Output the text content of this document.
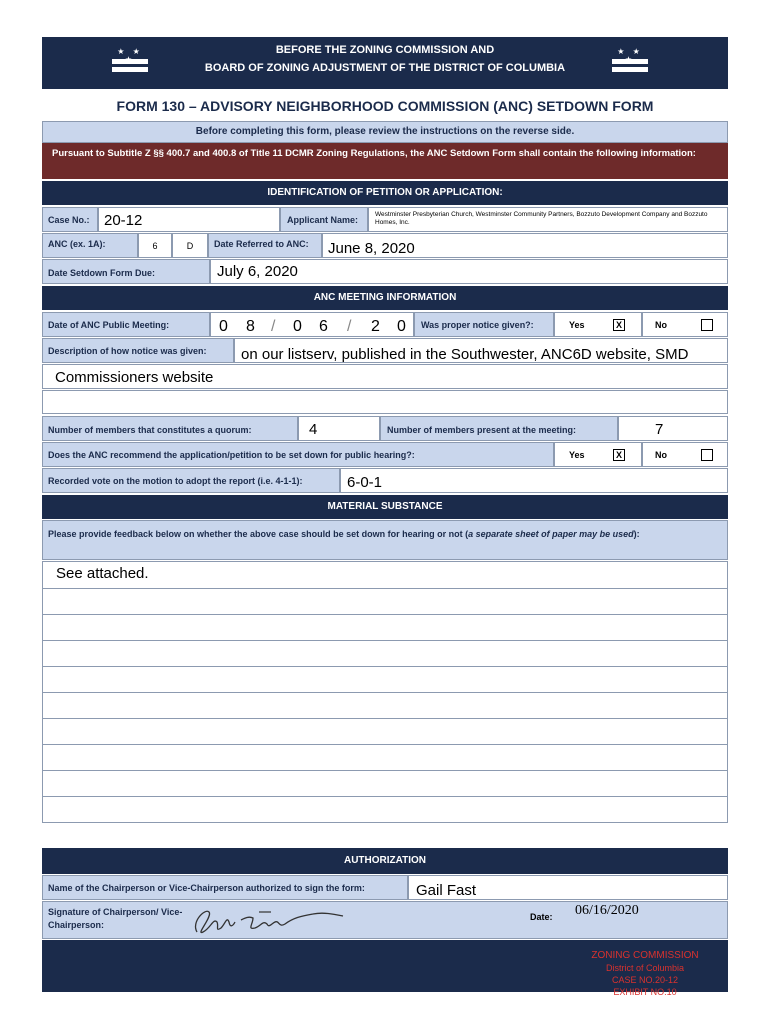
★ ★	BEFORE THE ZONING COMMISSION AND
BOARD OF ZONING ADJUSTMENT OF THE DISTRICT OF COLUMBIA
★ ★
FORM 130 – ADVISORY NEIGHBORHOOD COMMISSION (ANC) SETDOWN FORM
Before completing this form, please review the instructions on the reverse side.
Pursuant to Subtitle Z §§ 400.7 and 400.8 of Title 11 DCMR Zoning Regulations, the ANC Setdown Form shall contain the following information:
IDENTIFICATION OF PETITION OR APPLICATION:
Case No.: 20-12	Applicant Name:
Westminster Presbyterian Church, Westminster Community Partners, Bozzuto Development Company and Bozzuto Homes, Inc.
ANC (ex. 1A):	6	D	Date Referred to ANC:	June 8, 2020
Date Setdown Form Due:	July 6, 2020
ANC MEETING INFORMATION
Date of ANC Public Meeting:	0 8 / 0 6 / 2 0	Was proper notice given?:	Yes	X	No
Description of how notice was given:	on our listserv, published in the Southwester, ANC6D website, SMD
Commissioners website
Number of members that constitutes a quorum:	4	Number of members present at the meeting:	7
Does the ANC recommend the application/petition to be set down for public hearing?:	Yes	X	No
Recorded vote on the motion to adopt the report (i.e. 4-1-1):	6-0-1
MATERIAL SUBSTANCE
Please provide feedback below on whether the above case should be set down for hearing or not (a separate sheet of paper may be used):
See attached.
AUTHORIZATION
Name of the Chairperson or Vice-Chairperson authorized to sign the form:	Gail Fast
Signature of Chairperson/ Vice-Chairperson:
Date: 06/16/2020
ZONING COMMISSION
District of Columbia
CASE NO.20-12
EXHIBIT NO.10
